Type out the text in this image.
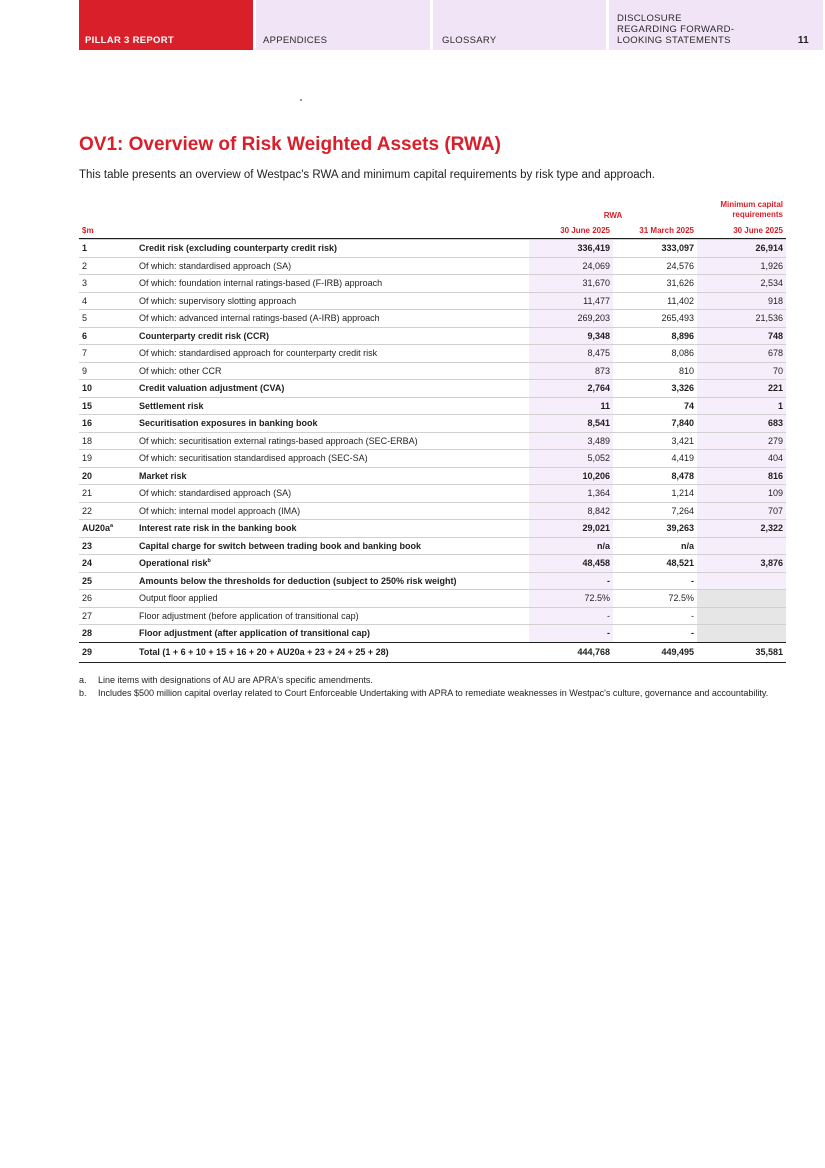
PILLAR 3 REPORT	APPENDICES	GLOSSARY
DISCLOSURE
REGARDING FORWARD-
LOOKING STATEMENTS	11
OV1: Overview of Risk Weighted Assets (RWA)

This table presents an overview of Westpac's RWA and minimum capital requirements by risk type and approach.

RWA
Minimum capital
requirements
$m	30 June 2025	31 March 2025	30 June 2025
1	Credit risk (excluding counterparty credit risk)	336,419	333,097	26,914
2	Of which: standardised approach (SA)	24,069	24,576	1,926
3	Of which: foundation internal ratings-based (F-IRB) approach	31,670	31,626	2,534
4	Of which: supervisory slotting approach	11,477	11,402	918
5	Of which: advanced internal ratings-based (A-IRB) approach	269,203	265,493	21,536
6	Counterparty credit risk (CCR)	9,348	8,896	748
7	Of which: standardised approach for counterparty credit risk	8,475	8,086	678
9	Of which: other CCR	873	810	70
10	Credit valuation adjustment (CVA)	2,764	3,326	221
15	Settlement risk	11	74	1
16	Securitisation exposures in banking book	8,541	7,840	683
18	Of which: securitisation external ratings-based approach (SEC-ERBA)	3,489	3,421	279
19	Of which: securitisation standardised approach (SEC-SA)	5,052	4,419	404
20	Market risk	10,206	8,478	816
21	Of which: standardised approach (SA)	1,364	1,214	109
22	Of which: internal model approach (IMA)	8,842	7,264	707
$AU20a^a$	Interest rate risk in the banking book	29,021	39,263	2,322
23	Capital charge for switch between trading book and banking book	n/a	n/a
24	Operational risk$^b$	48,458	48,521	3,876
25	Amounts below the thresholds for deduction (subject to 250% risk weight)	-	-
26	Output floor applied	72.5%	72.5%
27	Floor adjustment (before application of transitional cap)	-	-
28	Floor adjustment (after application of transitional cap)	-	-
29	Total (1 + 6 + 10 + 15 + 16 + 20 + AU20a + 23 + 24 + 25 + 28)	444,768	449,495	35,581
a.	Line items with designations of AU are APRA's specific amendments.
b.	Includes $500 million capital overlay related to Court Enforceable Undertaking with APRA to remediate weaknesses in Westpac's culture, governance and accountability.
